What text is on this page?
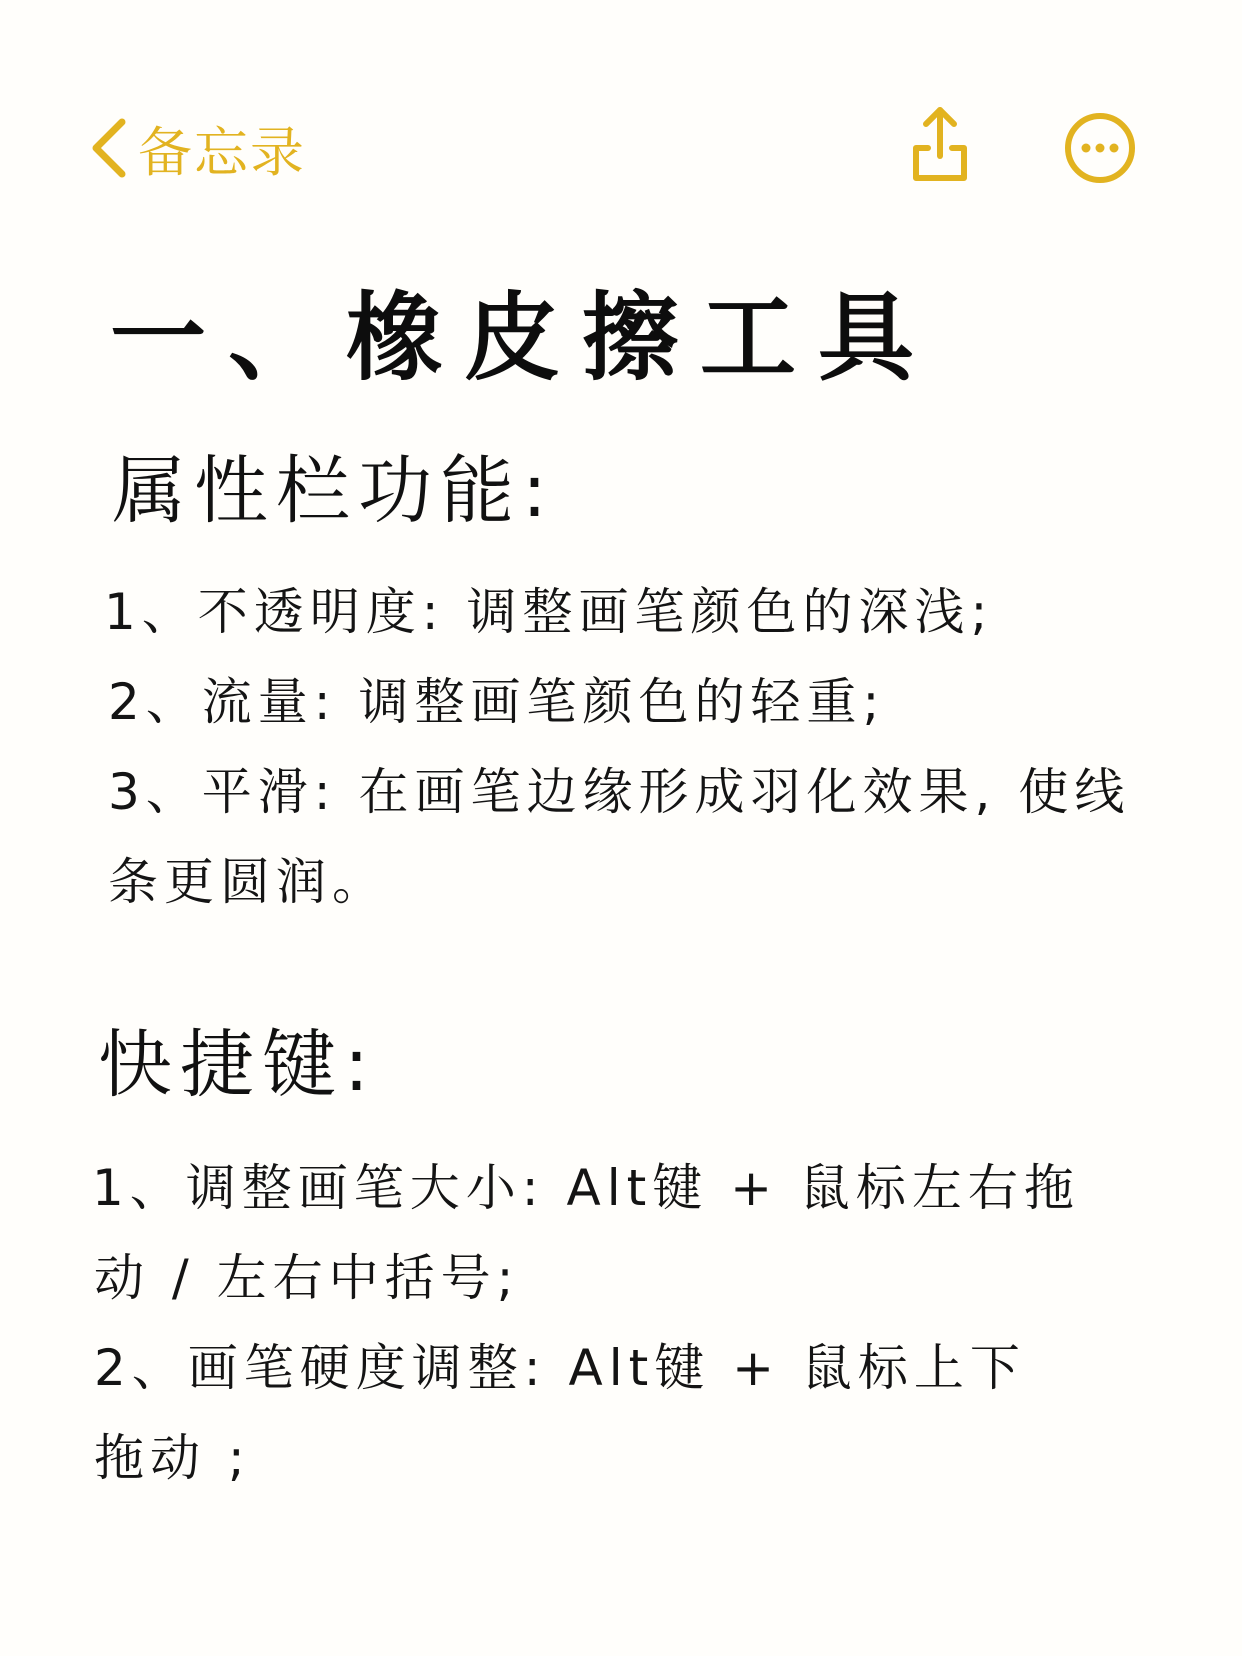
备忘录
一、橡皮擦工具
属性栏功能:
1、不透明度: 调整画笔颜色的深浅;
2、流量: 调整画笔颜色的轻重;
3、平滑: 在画笔边缘形成羽化效果, 使线
条更圆润。
快捷键:
1、调整画笔大小: Alt键 + 鼠标左右拖
动 / 左右中括号;
2、画笔硬度调整: Alt键 + 鼠标上下
拖动 ;
